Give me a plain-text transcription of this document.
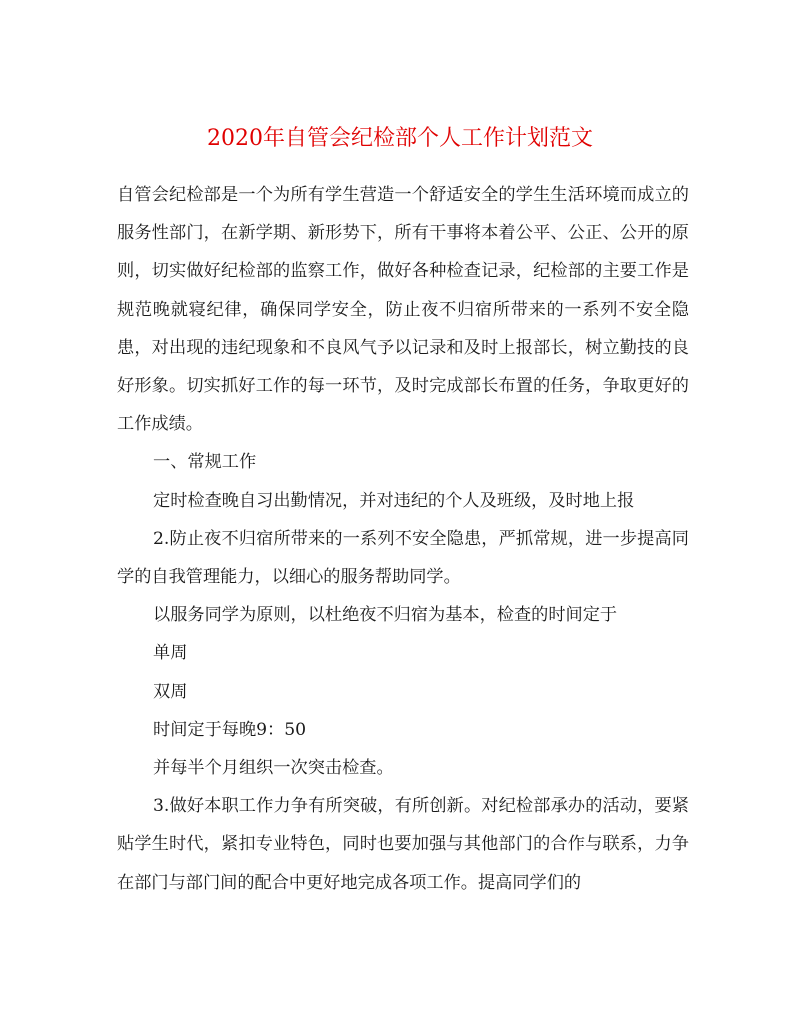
2020年自管会纪检部个人工作计划范文

自管会纪检部是一个为所有学生营造一个舒适安全的学生生活环境而成立的服务性部门，在新学期、新形势下，所有干事将本着公平、公正、公开的原则，切实做好纪检部的监察工作，做好各种检查记录，纪检部的主要工作是规范晚就寝纪律，确保同学安全，防止夜不归宿所带来的一系列不安全隐患，对出现的违纪现象和不良风气予以记录和及时上报部长，树立勤技的良好形象。切实抓好工作的每一环节，及时完成部长布置的任务，争取更好的工作成绩。

一、常规工作

定时检查晚自习出勤情况，并对违纪的个人及班级，及时地上报

2.防止夜不归宿所带来的一系列不安全隐患，严抓常规，进一步提高同学的自我管理能力，以细心的服务帮助同学。

以服务同学为原则，以杜绝夜不归宿为基本，检查的时间定于

单周

双周

时间定于每晚9：50

并每半个月组织一次突击检查。

3.做好本职工作力争有所突破，有所创新。对纪检部承办的活动，要紧贴学生时代，紧扣专业特色，同时也要加强与其他部门的合作与联系，力争在部门与部门间的配合中更好地完成各项工作。提高同学们的
